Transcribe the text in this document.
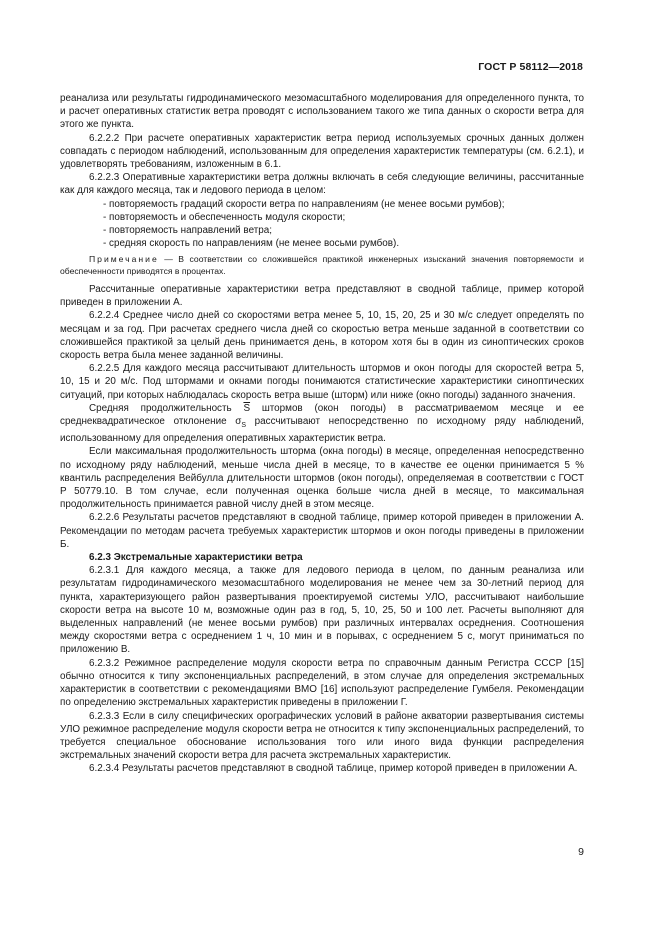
ГОСТ Р 58112—2018

реанализа или результаты гидродинамического мезомасштабного моделирования для определенного пункта, то и расчет оперативных статистик ветра проводят с использованием такого же типа данных о скорости ветра для этого же пункта.

6.2.2.2 При расчете оперативных характеристик ветра период используемых срочных данных должен совпадать с периодом наблюдений, использованным для определения характеристик температуры (см. 6.2.1), и удовлетворять требованиям, изложенным в 6.1.

6.2.2.3 Оперативные характеристики ветра должны включать в себя следующие величины, рассчитанные как для каждого месяца, так и ледового периода в целом:

- повторяемость градаций скорости ветра по направлениям (не менее восьми румбов);
- повторяемость и обеспеченность модуля скорости;
- повторяемость направлений ветра;
- средняя скорость по направлениям (не менее восьми румбов).

Примечание — В соответствии со сложившейся практикой инженерных изысканий значения повторяемости и обеспеченности приводятся в процентах.

Рассчитанные оперативные характеристики ветра представляют в сводной таблице, пример которой приведен в приложении А.

6.2.2.4 Среднее число дней со скоростями ветра менее 5, 10, 15, 20, 25 и 30 м/с следует определять по месяцам и за год. При расчетах среднего числа дней со скоростью ветра меньше заданной в соответствии со сложившейся практикой за целый день принимается день, в котором хотя бы в один из синоптических сроков скорость ветра была менее заданной величины.

6.2.2.5 Для каждого месяца рассчитывают длительность штормов и окон погоды для скоростей ветра 5, 10, 15 и 20 м/с. Под штормами и окнами погоды понимаются статистические характеристики синоптических ситуаций, при которых наблюдалась скорость ветра выше (шторм) или ниже (окно погоды) заданного значения.

Средняя продолжительность $\overline{S}$ штормов (окон погоды) в рассматриваемом месяце и ее среднеквадратическое отклонение $\sigma_S$ рассчитывают непосредственно по исходному ряду наблюдений, использованному для определения оперативных характеристик ветра.

Если максимальная продолжительность шторма (окна погоды) в месяце, определенная непосредственно по исходному ряду наблюдений, меньше числа дней в месяце, то в качестве ее оценки принимается 5 % квантиль распределения Вейбулла длительности штормов (окон погоды), определяемая в соответствии с ГОСТ Р 50779.10. В том случае, если полученная оценка больше числа дней в месяце, то максимальная продолжительность принимается равной числу дней в этом месяце.

6.2.2.6 Результаты расчетов представляют в сводной таблице, пример которой приведен в приложении А. Рекомендации по методам расчета требуемых характеристик штормов и окон погоды приведены в приложении Б.

6.2.3 Экстремальные характеристики ветра

6.2.3.1 Для каждого месяца, а также для ледового периода в целом, по данным реанализа или результатам гидродинамического мезомасштабного моделирования не менее чем за 30-летний период для пункта, характеризующего район развертывания проектируемой системы УЛО, рассчитывают наибольшие скорости ветра на высоте 10 м, возможные один раз в год, 5, 10, 25, 50 и 100 лет. Расчеты выполняют для выделенных направлений (не менее восьми румбов) при различных интервалах осреднения. Соотношения между скоростями ветра с осреднением 1 ч, 10 мин и в порывах, с осреднением 5 с, могут приниматься по приложению В.

6.2.3.2 Режимное распределение модуля скорости ветра по справочным данным Регистра СССР [15] обычно относится к типу экспоненциальных распределений, в этом случае для определения экстремальных характеристик в соответствии с рекомендациями ВМО [16] используют распределение Гумбеля. Рекомендации по определению экстремальных характеристик приведены в приложении Г.

6.2.3.3 Если в силу специфических орографических условий в районе акватории развертывания системы УЛО режимное распределение модуля скорости ветра не относится к типу экспоненциальных распределений, то требуется специальное обоснование использования того или иного вида функции распределения экстремальных значений скорости ветра для расчета экстремальных характеристик.

6.2.3.4 Результаты расчетов представляют в сводной таблице, пример которой приведен в приложении А.

9
